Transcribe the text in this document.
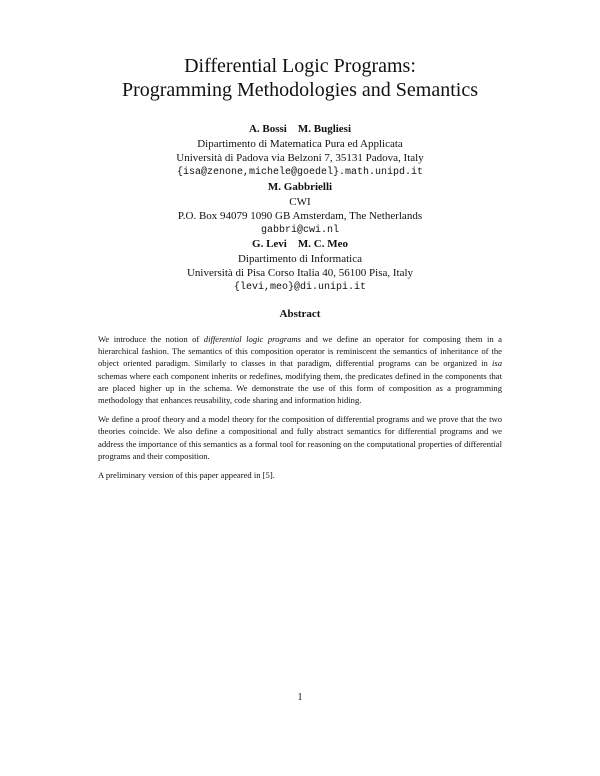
Differential Logic Programs:
Programming Methodologies and Semantics
A. Bossi    M. Bugliesi
Dipartimento di Matematica Pura ed Applicata
Università di Padova via Belzoni 7, 35131 Padova, Italy
{isa@zenone,michele@goedel}.math.unipd.it
M. Gabbrielli
CWI
P.O. Box 94079 1090 GB Amsterdam, The Netherlands
gabbri@cwi.nl
G. Levi    M. C. Meo
Dipartimento di Informatica
Università di Pisa Corso Italia 40, 56100 Pisa, Italy
{levi,meo}@di.unipi.it
Abstract

We introduce the notion of differential logic programs and we define an operator for composing them in a hierarchical fashion. The semantics of this composition operator is reminiscent the semantics of inheritance of the object oriented paradigm. Similarly to classes in that paradigm, differential programs can be organized in isa schemas where each component inherits or redefines, modifying them, the predicates defined in the components that are placed higher up in the schema. We demonstrate the use of this form of composition as a programming methodology that enhances reusability, code sharing and information hiding.

We define a proof theory and a model theory for the composition of differential programs and we prove that the two theories coincide. We also define a compositional and fully abstract semantics for differential programs and we address the importance of this semantics as a formal tool for reasoning on the computational properties of differential programs and their composition.

A preliminary version of this paper appeared in [5].

1
